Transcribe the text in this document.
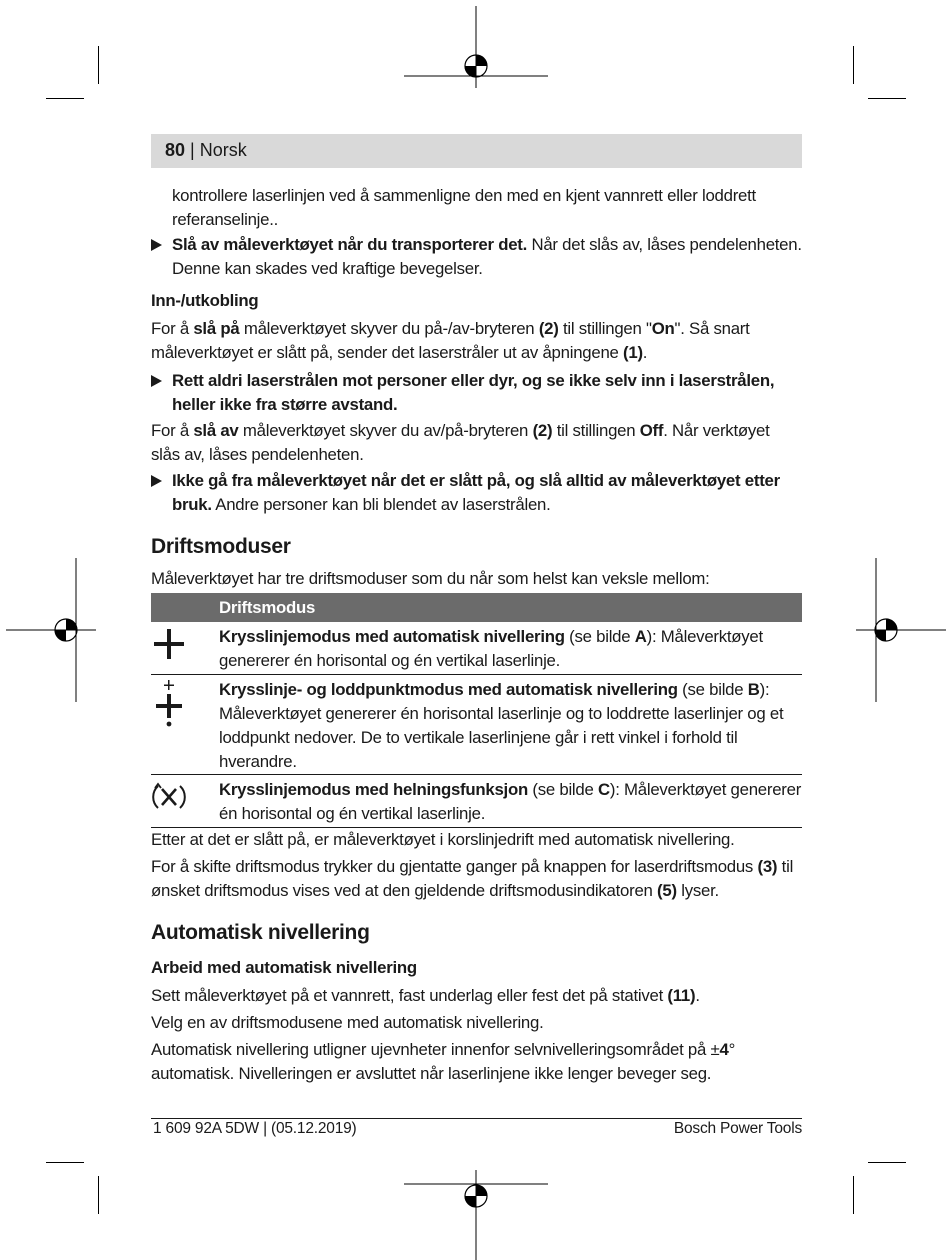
80 | Norsk
kontrollere laserlinjen ved å sammenligne den med en kjent vannrett eller loddrett referanselinje..
Slå av måleverktøyet når du transporterer det. Når det slås av, låses pendelenheten. Denne kan skades ved kraftige bevegelser.
Inn-/utkobling
For å slå på måleverktøyet skyver du på-/av-bryteren (2) til stillingen "On". Så snart måleverktøyet er slått på, sender det laserstråler ut av åpningene (1).
Rett aldri laserstrålen mot personer eller dyr, og se ikke selv inn i laserstrålen, heller ikke fra større avstand.
For å slå av måleverktøyet skyver du av/på-bryteren (2) til stillingen Off. Når verktøyet slås av, låses pendelenheten.
Ikke gå fra måleverktøyet når det er slått på, og slå alltid av måleverktøyet etter bruk. Andre personer kan bli blendet av laserstrålen.
Driftsmoduser
Måleverktøyet har tre driftsmoduser som du når som helst kan veksle mellom:
Driftsmodus
Krysslinjemodus med automatisk nivellering (se bilde A): Måleverktøyet genererer én horisontal og én vertikal laserlinje.
Krysslinje- og loddpunktmodus med automatisk nivellering (se bilde B): Måleverktøyet genererer én horisontal laserlinje og to loddrette laserlinjer og et loddpunkt nedover. De to vertikale laserlinjene går i rett vinkel i forhold til hverandre.
Krysslinjemodus med helningsfunksjon (se bilde C): Måleverktøyet genererer én horisontal og én vertikal laserlinje.
Etter at det er slått på, er måleverktøyet i korslinjedrift med automatisk nivellering.
For å skifte driftsmodus trykker du gjentatte ganger på knappen for laserdriftsmodus (3) til ønsket driftsmodus vises ved at den gjeldende driftsmodusindikatoren (5) lyser.
Automatisk nivellering
Arbeid med automatisk nivellering
Sett måleverktøyet på et vannrett, fast underlag eller fest det på stativet (11).
Velg en av driftsmodusene med automatisk nivellering.
Automatisk nivellering utligner ujevnheter innenfor selvnivelleringsområdet på ±4° automatisk. Nivelleringen er avsluttet når laserlinjene ikke lenger beveger seg.
1 609 92A 5DW | (05.12.2019)	Bosch Power Tools
